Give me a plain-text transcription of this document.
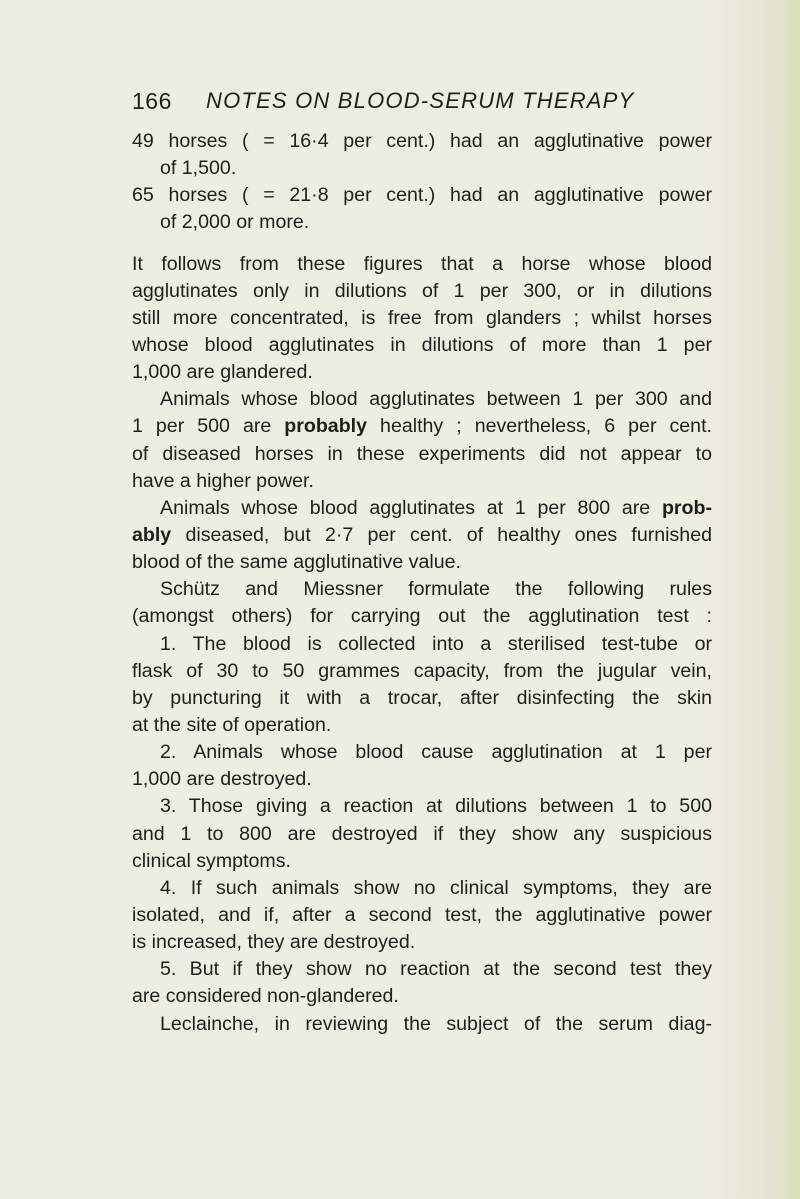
166 NOTES ON BLOOD-SERUM THERAPY
49 horses ( = 16·4 per cent.) had an agglutinative power
of 1,500.
65 horses ( = 21·8 per cent.) had an agglutinative power
of 2,000 or more.
It follows from these figures that a horse whose blood
agglutinates only in dilutions of 1 per 300, or in dilutions
still more concentrated, is free from glanders ; whilst horses
whose blood agglutinates in dilutions of more than 1 per
1,000 are glandered.
Animals whose blood agglutinates between 1 per 300 and
1 per 500 are probably healthy ; nevertheless, 6 per cent.
of diseased horses in these experiments did not appear to
have a higher power.
Animals whose blood agglutinates at 1 per 800 are prob-
ably diseased, but 2·7 per cent. of healthy ones furnished
blood of the same agglutinative value.
Schütz and Miessner formulate the following rules
(amongst others) for carrying out the agglutination test :
1. The blood is collected into a sterilised test-tube or
flask of 30 to 50 grammes capacity, from the jugular vein,
by puncturing it with a trocar, after disinfecting the skin
at the site of operation.
2. Animals whose blood cause agglutination at 1 per
1,000 are destroyed.
3. Those giving a reaction at dilutions between 1 to 500
and 1 to 800 are destroyed if they show any suspicious
clinical symptoms.
4. If such animals show no clinical symptoms, they are
isolated, and if, after a second test, the agglutinative power
is increased, they are destroyed.
5. But if they show no reaction at the second test they
are considered non-glandered.
Leclainche, in reviewing the subject of the serum diag-
